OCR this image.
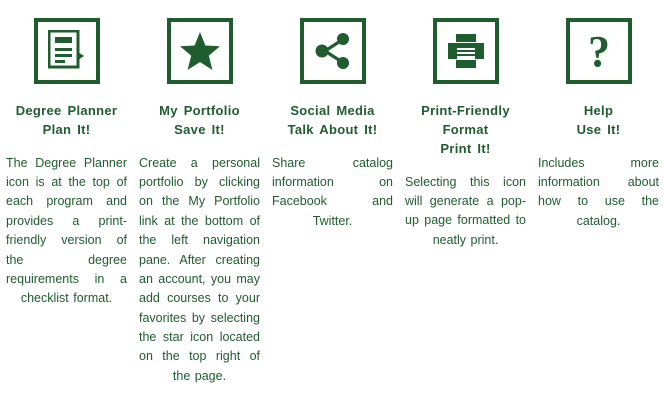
Degree Planner
Plan It!
The Degree Planner icon is at the top of each program and provides a print-friendly version of the degree requirements in a checklist format.
My Portfolio
Save It!
Create a personal portfolio by clicking on the My Portfolio link at the bottom of the left navigation pane. After creating an account, you may add courses to your favorites by selecting the star icon located on the top right of the page.
Social Media
Talk About It!
Share catalog information on Facebook and Twitter.
Print-Friendly Format
Print It!
Selecting this icon will generate a pop-up page formatted to neatly print.
?
Help
Use It!
Includes more information about how to use the catalog.
